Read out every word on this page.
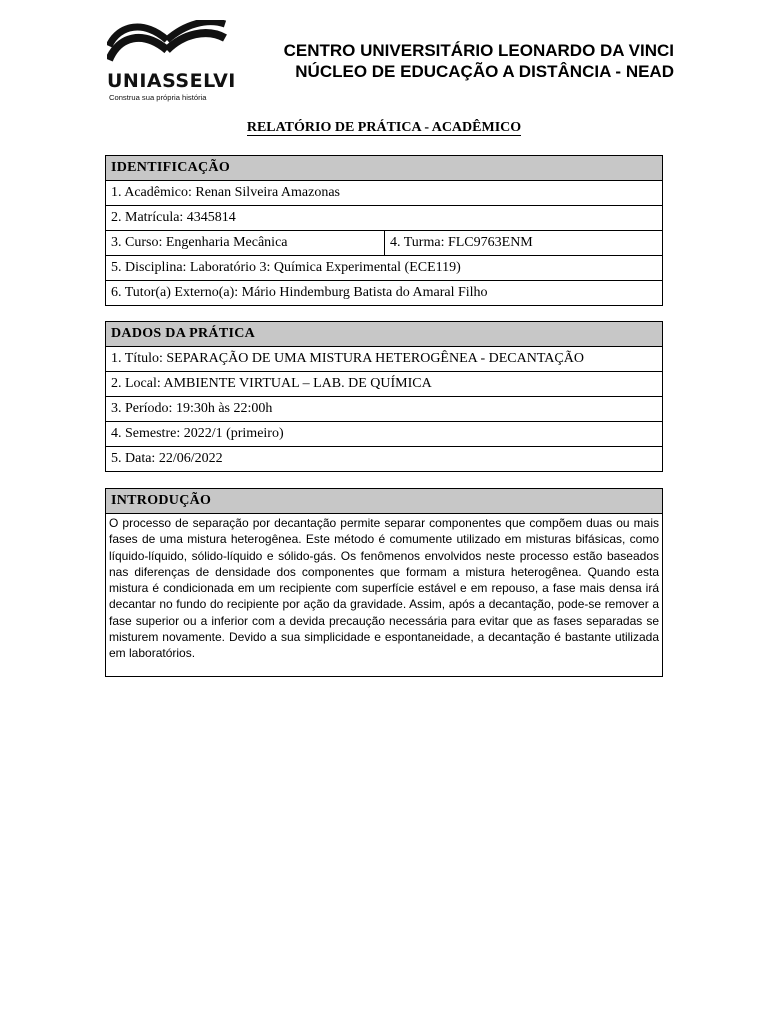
UNIASSELVI
Construa sua própria história
CENTRO UNIVERSITÁRIO LEONARDO DA VINCI
NÚCLEO DE EDUCAÇÃO A DISTÂNCIA - NEAD
RELATÓRIO DE PRÁTICA - ACADÊMICO
IDENTIFICAÇÃO
1. Acadêmico: Renan Silveira Amazonas
2. Matrícula: 4345814
3. Curso: Engenharia Mecânica	4. Turma: FLC9763ENM
5. Disciplina: Laboratório 3: Química Experimental (ECE119)
6. Tutor(a) Externo(a): Mário Hindemburg Batista do Amaral Filho
DADOS DA PRÁTICA
1. Título: SEPARAÇÃO DE UMA MISTURA HETEROGÊNEA - DECANTAÇÃO
2. Local: AMBIENTE VIRTUAL – LAB. DE QUÍMICA
3. Período: 19:30h às 22:00h
4. Semestre: 2022/1 (primeiro)
5. Data: 22/06/2022
INTRODUÇÃO
O processo de separação por decantação permite separar componentes que compõem duas ou mais fases de uma mistura heterogênea. Este método é comumente utilizado em misturas bifásicas, como líquido-líquido, sólido-líquido e sólido-gás. Os fenômenos envolvidos neste processo estão baseados nas diferenças de densidade dos componentes que formam a mistura heterogênea. Quando esta mistura é condicionada em um recipiente com superfície estável e em repouso, a fase mais densa irá decantar no fundo do recipiente por ação da gravidade. Assim, após a decantação, pode-se remover a fase superior ou a inferior com a devida precaução necessária para evitar que as fases separadas se misturem novamente. Devido a sua simplicidade e espontaneidade, a decantação é bastante utilizada em laboratórios.
